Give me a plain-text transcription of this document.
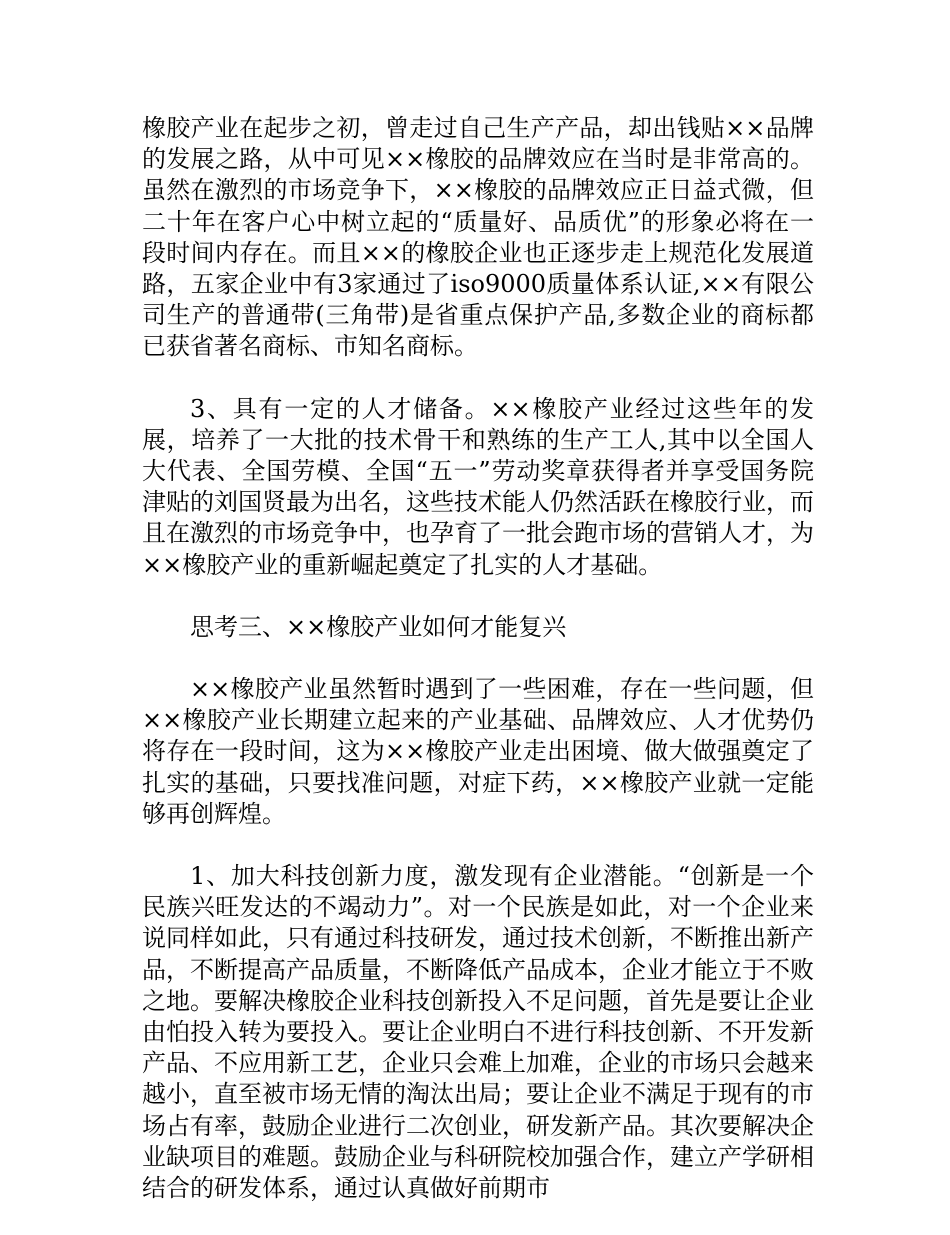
橡胶产业在起步之初，曾走过自己生产产品，却出钱贴××品牌的发展之路，从中可见××橡胶的品牌效应在当时是非常高的。虽然在激烈的市场竞争下，××橡胶的品牌效应正日益式微，但二十年在客户心中树立起的“质量好、品质优”的形象必将在一段时间内存在。而且××的橡胶企业也正逐步走上规范化发展道路，五家企业中有3家通过了iso9000质量体系认证,××有限公司生产的普通带(三角带)是省重点保护产品,多数企业的商标都已获省著名商标、市知名商标。

3、具有一定的人才储备。××橡胶产业经过这些年的发展，培养了一大批的技术骨干和熟练的生产工人,其中以全国人大代表、全国劳模、全国“五一”劳动奖章获得者并享受国务院津贴的刘国贤最为出名，这些技术能人仍然活跃在橡胶行业，而且在激烈的市场竞争中，也孕育了一批会跑市场的营销人才，为××橡胶产业的重新崛起奠定了扎实的人才基础。

思考三、××橡胶产业如何才能复兴

××橡胶产业虽然暂时遇到了一些困难，存在一些问题，但××橡胶产业长期建立起来的产业基础、品牌效应、人才优势仍将存在一段时间，这为××橡胶产业走出困境、做大做强奠定了扎实的基础，只要找准问题，对症下药，××橡胶产业就一定能够再创辉煌。

1、加大科技创新力度，激发现有企业潜能。“创新是一个民族兴旺发达的不竭动力”。对一个民族是如此，对一个企业来说同样如此，只有通过科技研发，通过技术创新，不断推出新产品，不断提高产品质量，不断降低产品成本，企业才能立于不败之地。要解决橡胶企业科技创新投入不足问题，首先是要让企业由怕投入转为要投入。要让企业明白不进行科技创新、不开发新产品、不应用新工艺，企业只会难上加难，企业的市场只会越来越小，直至被市场无情的淘汰出局；要让企业不满足于现有的市场占有率，鼓励企业进行二次创业，研发新产品。其次要解决企业缺项目的难题。鼓励企业与科研院校加强合作，建立产学研相结合的研发体系，通过认真做好前期市
